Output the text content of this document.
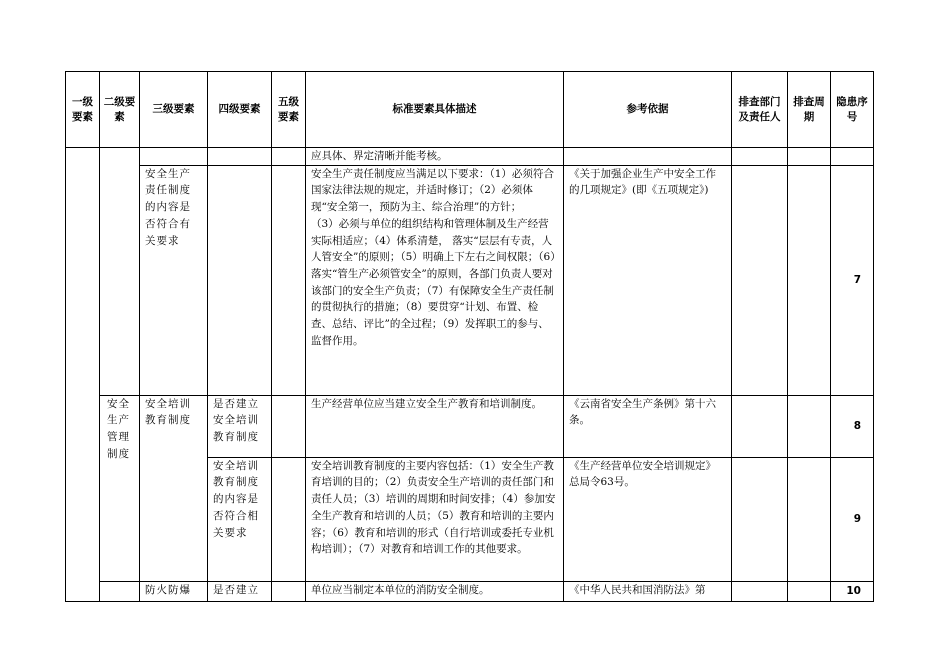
一级要素	二级要素	三级要素	四级要素	五级要素	标准要素具体描述	参考依据	排查部门及责任人	排查周期	隐患序号
					应具体、界定清晰并能考核。				
		安全生产责任制度的内容是否符合有关要求			安全生产责任制度应当满足以下要求：（1）必须符合国家法律法规的规定，并适时修订；（2）必须体现“安全第一，预防为主、综合治理”的方针；
（3）必须与单位的组织结构和管理体制及生产经营实际相适应；（4）体系清楚， 落实“层层有专责，人人管安全”的原则；（5）明确上下左右之间权限；（6）落实“管生产必须管安全”的原则，各部门负责人要对该部门的安全生产负责；（7）有保障安全生产责任制的贯彻执行的措施；（8）要贯穿“计划、布置、检查、总结、评比”的全过程；（9）发挥职工的参与、监督作用。	《关于加强企业生产中安全工作的几项规定》(即《五项规定》)			7
	安全生产管理制度	安全培训教育制度	是否建立安全培训教育制度		生产经营单位应当建立安全生产教育和培训制度。	《云南省安全生产条例》第十六条。			8
			安全培训教育制度的内容是否符合相关要求		安全培训教育制度的主要内容包括：（1）安全生产教育培训的目的；（2）负责安全生产培训的责任部门和责任人员；（3）培训的周期和时间安排；（4）参加安全生产教育和培训的人员；（5）教育和培训的主要内容；（6）教育和培训的形式（自行培训或委托专业机构培训）；（7）对教育和培训工作的其他要求。	《生产经营单位安全培训规定》总局令63号。			9
		防火防爆	是否建立		单位应当制定本单位的消防安全制度。	《中华人民共和国消防法》第			10
